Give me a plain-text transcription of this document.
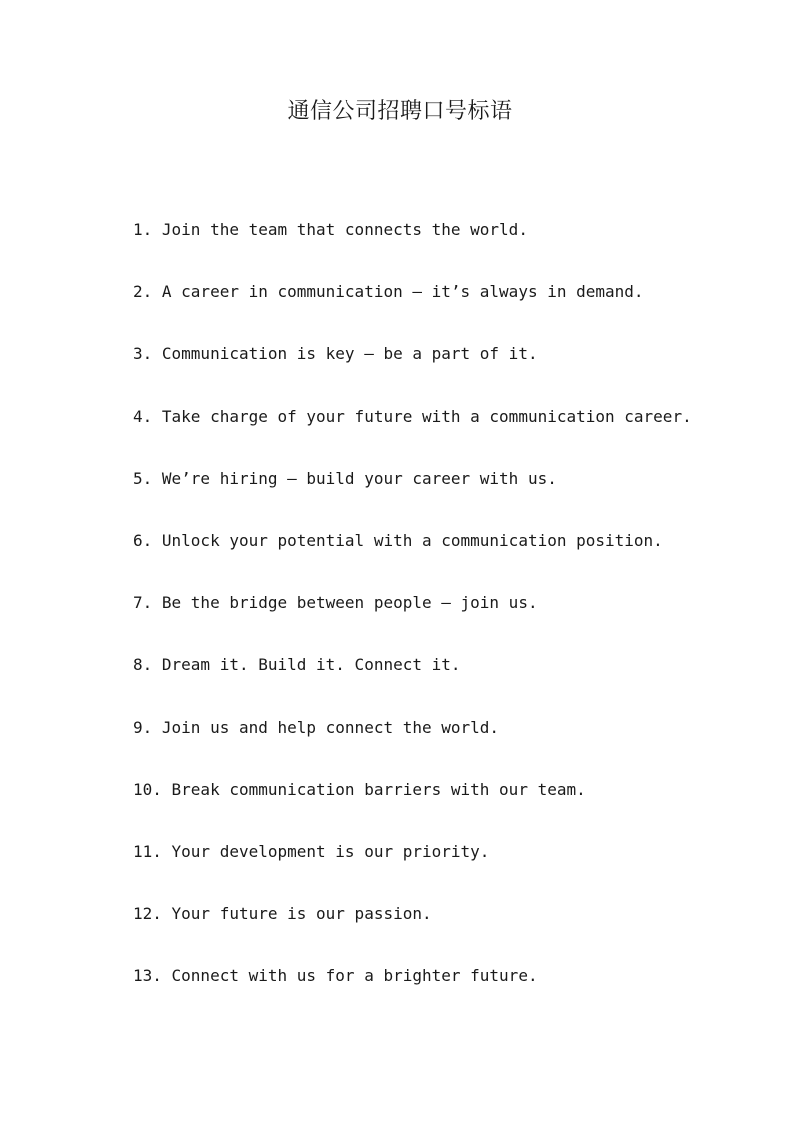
通信公司招聘口号标语
1. Join the team that connects the world.
2. A career in communication – it’s always in demand.
3. Communication is key – be a part of it.
4. Take charge of your future with a communication career.
5. We’re hiring – build your career with us.
6. Unlock your potential with a communication position.
7. Be the bridge between people – join us.
8. Dream it. Build it. Connect it.
9. Join us and help connect the world.
10. Break communication barriers with our team.
11. Your development is our priority.
12. Your future is our passion.
13. Connect with us for a brighter future.
